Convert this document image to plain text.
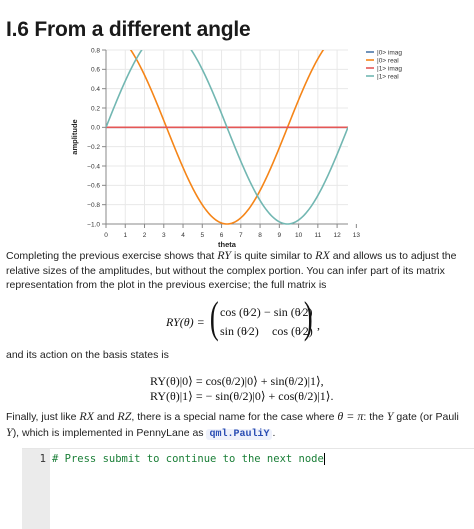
I.6 From a different angle
0 1 2 3 4 5 6 7 8 9 10 11 12 13
0.8
0.6
0.4
0.2
0.0
−0.2
−0.4
−0.6
−0.8
−1.0
theta
amplitude
|0> imag
|0> real
|1> imag
|1> real
Completing the previous exercise shows that RY is quite similar to RX and allows us to adjust the relative sizes of the amplitudes, but without the complex portion. You can infer part of its matrix representation from the plot in the previous exercise; the full matrix is
RY(θ) = ( cos (θ⁄2) − sin (θ⁄2)
sin (θ⁄2) cos (θ⁄2)
) ,
and its action on the basis states is
RY(θ)|0⟩ = cos(θ/2)|0⟩ + sin(θ/2)|1⟩,
RY(θ)|1⟩ = − sin(θ/2)|0⟩ + cos(θ/2)|1⟩.
Finally, just like RX and RZ, there is a special name for the case where θ = π: the Y gate (or Pauli Y), which is implemented in PennyLane as qml.PauliY .
1 # Press submit to continue to the next node
